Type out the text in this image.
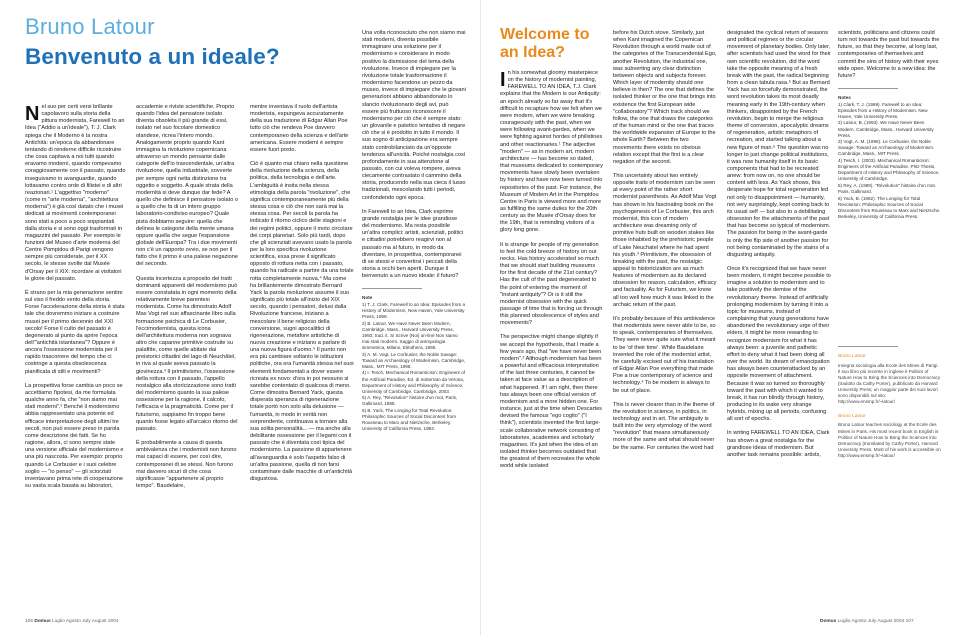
Bruno Latour
Benvenuto a un ideale?

Nel suo per certi versi brillante capolavoro sulla storia della pittura modernista, Farewell to an Idea ("Addio a un'ideale"), T. J. Clark spiega che il Moderno è la nostra Antichità: un'epoca da abbandonare tentando di renderne difficile ricostruire che cosa capitava a noi tutti quando eravamo moderni, quando rompevamo coraggiosamente con il passato, quando inseguivamo in avanguardie, quando lottavamo contro orde di filistei e di altri reazionari.¹ L'aggettivo "moderno" (come in "arte moderna", "architettura moderna") è già così datato che i musei dedicati ai movimenti contemporanei sono stati a poco a poco soppiantati dalla storia e si sono oggi trasformati in magazzini del passato. Per esempio le funzioni del Museo d'arte moderna del Centre Pompidou di Parigi vengono sempre più considerate, per il XX secolo, le stesse svolte dal Musée d'Orsay per il XIX: ricordare ai visitatori le glorie del passato.

È strano per la mia generazione sentire sul viso il freddo vento della storia. Forse l'accelerazione della storia è stata tale che dovremmo iniziare a costruire musei per il primo decennio del XXI secolo! Forse il culto del passato è degenerato al punto da aprire l'epoca dell'"antichità istantanea"? Oppure è ancora l'ossessione modernista per il rapido trascorrere del tempo che ci costringe a questa obsolescenza pianificata di stili e movimenti?

La prospettiva forse cambia un poco se accettiamo l'ipotesi, da me formulata qualche anno fa, che "non siamo mai stati moderni".² Benché il modernismo abbia rappresentato una potente ed efficace interpretazione degli ultimi tre secoli, non può essere preso in parola come descrizione dei fatti. Se ho ragione, allora, ci sono sempre state una versione ufficiale del modernismo e una più nascosta. Per esempio: proprio quando Le Corbusier e i suoi celebre soglio — "io penso" — gli sciorziati inventavano prima rete di cooperazione su vasta scala basata su laboratori,

accademie e riviste scientifiche. Proprio quando l'idea del pensatore isolato diventa obsoleta il più grande di essi, isolato nel suo focolare domestico olandese, ricrea l'intero mondo. Analogamente proprio quando Kant immagina la rivoluzione copernicana attraverso un mondo pensante dalle categorie dell'io trascendentale, un'altra rivoluzione, quella industriale, sovverte per sempre ogni netta distinzione tra oggetto e soggetto. A quale strata della modernità si deve dunque dar fede? A quello che definisce il pensatore isolato o a quello che fa di un intero gruppo laboratorio-condiviso europeo? Quale pista dobbiamo seguire: quella che delinea le categorie della mente umana oppure quella che segue l'espansione globale dell'Europa? Tra i due movimenti non c'è un rapporto ovvio, se non per il fatto che il primo è una palese negazione del secondo.

Questa incertezza a proposito dei tratti dominanti apparenti del modernismo può essere constatata in ogni momento della relativamente breve parentesi modernista. Come ha dimostrato Adolf Max Vogt nel suo affascinante libro sulla formazione psichica di Le Corbusier, l'eccimodernista, questa icona dell'architettura moderna non sognava altro che capanne primitive costruite su palafitte, come quelle abitate dai preistorici cittadini del lago di Neuchâtel, in riva al quale aveva passato la giovinezza.³ Il primitivismo, l'ossessione della rottura con il passato, l'appello nostalgico alla storicizzazione sono tratti del modernismo quanto la sua palese ossessione per la ragione, il calcolo, l'efficacia e la pragmaticità. Come per il futurismo, sappiamo fin troppo bene quanto fosse legato all'arcaico ritorno del passato.

È probabilmente a causa di questa ambivalenza che i modernisti non furono mai capaci di essere, per così dire, contemporanei di se stessi. Non furono mai davvero sicuri di che cosa significasse "appartenere al proprio tempo". Baudelaire,

mentre inventava il ruolo dell'artista moderista, espungeva accuratamente della sua traduzione di Edgar Allan Poe tutto ciò che rendeva Poe davvero contemporaneo della scienza e dell'arte americana. Essere moderni è sempre essere fuori posto.

Ciò è quanto mai chiaro nella questione della rivoluzione della scienza, della politica, della tecnologia e dell'arte. L'ambiguità è insita nella stessa etimologia della parola "rivoluzione", che significa contemporaneamente più della stessa cosa e ciò che non sarà mai la stessa cosa. Per secoli la parola ha indicato il ritorno ciclico delle stagioni e dei regimi politici, oppure il moto circolare dei corpi planetari. Solo più tardi, dopo che gli scienziati avevano usato la parola per la loro specifica rivoluzione scientifica, essa prese il significato opposto di rottura netta con i passato, quando ha radicale a partire da una totale rotta completamente nuova.⁴ Ma come ha brillantemente dimostrato Bernard Yack la parola rivoluzione assume il suo significato più totale all'inizio del XIX secolo, quando i pensatori, delusi dalla Rivoluzione francese, iniziano a mescolare il bene religioso della conversione, sugni apocalittici di rigenerazione, metafore artistiche di nuova creazione e iniziano a parlare di una nuova figura d'uomo.⁵ Il punto non era più cambiare soltanto le istituzioni politiche, ora era l'umanità stessa nel suoi elementi fondamentali a dover essere ricreata ex novo: d'ora in poi nessuno si sarebbe contentato di qualcosa di meno. Come dimostra Bernard Yack, questa disperata speranza di rigenerazione totale portò non solo alla delusione — l'umanità, in modo in verità non sorprendente, continuava a tornare alla sua solita personalità... — ma anche alla debilitante ossessione per il legami con il passato che è diventata così tipica del modernismo. La passione di appartenere all'avanguardia è solo l'aspetto falso di un'altra passione, quella di non farsi contaminare dalle macchie di un'antichità disgustosa.

Una volta riconosciuto che non siamo mai stati moderni, diventa possibile immaginare una soluzione per il modernismo e considerare in modo positivo la dismissione del tema della rivoluzione. Invece di impiegare per la rivoluzione totale trasformazione il modernismo facendone un pezzo da museo, invece di impiegare che le giovani generazioni abbiano abbandonato lo slancio rivoluzionario degli avi, può essere più fruttuoso riconoscere il modernismo per ciò che è sempre stato: un glovanile e patetico tentativo di negare ciò che si è prodotto in tutto il mondo. Il suo sogno di anticipazione era sempre stato controbilanciato da un'opposte tendenza all'unicità. Poiché nostalgia così profondamente in sua attenzione al passato, con cui voleva rompere, aveva ciecamente contrastato il cammino della storia, producendo nella sua cieca il lusso tradizionali, mescolando tutti i periodi, confondendo ogni epoca.

In Farewell to an Idea, Clark esprime grande nostalgia per le idee grandiose del modernismo. Ma resta possibile un'altra complici: artisti, scienziati, politici e cittadini potrebbero reagirvi non al passato ma al futuro, in modo da diventare, in prospettiva, contemporanei di se stessi e convertirsi i peccati della storia a occhi ben aperti. Dunque il benvenuto a un nuovo ideale: il futuro?

Note
1) T. J. Clark, Farewell to an Idea: Episodes from a History of Modernism, New Haven, Yale University Press, 1999.
2) B. Latour, We Have Never Been Modern, Cambridge, Mass., Harvard University Press, 1993; trad. it. Si Scrive (Noi) on-line Non siamo mai stati moderni. Saggio di antropologia simmetrica, Milano, Elèuthera, 1995.
3) A. M. Vogt, Le Corbusier, the Noble Savage: Toward an Archaeology of Modernism, Cambridge, Mass., MIT Press, 1998.
4) I. Tesch, Mechanical Romanticism: Engineers of the Artificial Paradise, Ed. di Sotterrato da Verona, Department of History and Philosophy of Science, University of Cambridge, Cambridge, 2003.
5) A. Rey, "Révolution" histoire d'un mot, Paris, Gallimard, 1989.
6) B. Yack, The Longing for Total Revolution: Philosophic Sources of Social Discontent from Rousseau to Marx and Nietzsche, Berkeley, University of California Press, 1992.
106 Domus Luglio Agosto July August 2004
Welcome to an Idea?

In his somewhat gloomy masterpiece on the history of modernist painting, FAREWELL TO AN IDEA, T.J. Clark explains that the Modern is our Antiquity: an epoch already so far away that it's difficult to recapture how we felt when we were modern, when we were breaking courageously with the past, when we were following avant-gardes, when we were fighting against hordes of philistines and other reactionaries.¹ The adjective "modern" — as in modern art, modern architecture — has become so dated, that museums dedicated to contemporary movements have slowly been overtaken by history and have now been turned into repositories of the past. For instance, the Museum of Modern Art in the Pompidou Centre in Paris is viewed more and more as fulfilling the same duties for the 20th century as the Musée d'Orsay does for the 19th, that is reminding visitors of a glory long gone.

It is strange for people of my generation to feel the cold breeze of history on our necks. Has history accelerated so much that we should start building museums for the first decade of the 21st century? Has the cult of the past degenerated to the point of entering the moment of "instant antiquity"? Or is it still the modernist obsession with the quick passage of time that is forcing us through this planned obsolescence of styles and movements?

The perspective might change slightly if we accept the hypothesis, that I made a few years ago, that "we have never been modern".² Although modernism has been a powerful and efficacious interpretation of the last three centuries, it cannot be taken at face value as a description of what happened. If I am right, then there has always been one official version of modernism and a more hidden one. For instance, just at the time when Descartes devised the famous "ego cogito" ("I think"), scientists invented the first large-scale collaborative network consisting of laboratories, academies and scholarly magazines. It's just when the idea of an isolated thinker becomes outdated that the greatest of them recreates the whole world while isolated

before his Dutch stove. Similarly, just when Kant imagined the Copernican Revolution through a world made out of the categories of the Transcendental Ego, another Revolution, the industrial one, was subverting any clear distinction between objects and subjects forever. Which layer of modernity should one believe in then? The one that defines the isolated thinker or the one that brings into existence the first European wide "collaboratory"? Which track should we follow, the one that draws the categories of the human mind or the one that traces the worldwide expansion of Europe to the whole Earth? Between the two movements there exists no obvious relation except that the first is a clear negation of the second.

This uncertainty about two entirely opposite traits of modernism can be seen at every point of the rather short modernist parenthesis. As Adolf Max Vogt has shown in his fascinating book on the psychogenesis of Le Corbusier, this arch modernist, this icon of modern architecture was dreaming only of primitive huts built on wooden stakes like those inhabited by the prehistoric people of Lake Neuchatel where he had spent his youth.³ Primitivism, the obsession of breaking with the past, the nostalgic appeal to historicization are as much features of modernism as its declared obsession for reason, calculation, efficacy and factuality. As for Futurism, we know all too well how much it was linked to the archaic return of the past.

It's probably because of this ambivalence that modernists were never able to be, so to speak, contemporaries of themselves. They were never quite sure what it meant to be 'of their time'. While Baudelaire invented the role of the modernist artist, he carefully excised out of his translation of Edgar Allan Poe everything that made Poe a true contemporary of science and technology.⁴ To be modern is always to be out of place.

This is never clearer than in the theme of the revolution in science, in politics, in technology and in art. The ambiguity is built into the very etymology of the word "revolution" that means simultaneously more of the same and what should never be the same. For centuries the word had

designated the cyclical return of seasons and political regimes or the circular movement of planetary bodies. Only later, after scientists had used the word for their own scientific revolution, did the word take the opposite meaning of a fresh break with the past, the radical beginning from a clean tabula rasa.⁵ But as Bernard Yack has so forcefully demonstrated, the word revolution takes its most deadly meaning early in the 19th-century when thinkers, disappointed by the French revolution, begin to merge the religious theme of conversion, apocalyptic dreams of regeneration, artistic metaphors of recreation, and started talking about a new figure of man.⁶ The question was no longer to just change political institutions, it was now humanity itself in its basic components that had to be recreated anew: from now on, no one should be content with less. As Yack shows, this desperate hope for total regeneration led not only to disappointment — humanity, not very surprisingly, kept coming back to its usual self — but also to a debilitating obsession for the attachments of the past that has become so typical of modernism. The passion for being in the avant-garde is only the flip side of another passion for not being contaminated by the stains of a disgusting antiquity.

Once it's recognized that we have never been modern, it might become possible to imagine a solution to modernism and to take positively the demise of the revolutionary theme. Instead of artificially prolonging modernism by turning it into a topic for museums, instead of complaining that young generations have abandoned the revolutionary urge of their elders, it might be more rewarding to recognize modernism for what it has always been: a juvenile and pathetic effort to deny what it had been doing all over the world. Its dream of emancipation has always been counterattacked by an opposite movement of attachment. Because it was so turned so thoroughly toward the past with which it wanted to break, it has run blindly through history, producing in its wake very strange hybrids, mixing up all periods, confusing all sort of epochs.

In writing FAREWELL TO AN IDEA, Clark has shown a great nostalgia for the grandiose ideas of modernism. But another task remains possible: artists,

scientists, politicians and citizens could turn not towards the past but towards the future, so that they become, at long last, contemporaries of themselves and commit the sins of history with their eyes wide open. Welcome to a new idea: the future?

Notes
1) Clark, T. J. (1999). Farewell to an Idea: Episodes from a History of Modernism. New Haven, Yale University Press.
2) Latour, B. (1993). We Have Never Been Modern. Cambridge, Mass., Harvard University Press.
3) Vogt, A. M. (1998). Le Corbusier, the Noble Savage: Toward an Archaeology of Modernism. Cambridge, Mass., MIT Press.
4) Tesch, I. (2003). Mechanical Romanticism: Engineers of the Artificial Paradise. PhD Thesis, Department of History and Philosophy of Science, University of Cambridge.
5) Rey, A. (1989). "Révolution" histoire d'un mot. Paris, Gallimard.
6) Yack, B. (1992). The Longing for Total Revolution: Philosophic Sources of Social Discontent from Rousseau to Marx and Nietzsche. Berkeley, University of California Press.
Bruno Latour
Insegna sociologia alla Ecole des Mines di Parigi. Il suo libro più recente in inglese è Politics of Nature How to Bring the Sciences into Democracy (tradotto da Cathy Porter), pubblicato da Harvard University Press; un maggior parte dei suoi lavori sono disponibili sul sito: http://www.ensmp.fr/~latour/
Bruno Latour
Bruno Latour teaches sociology at the Ecole des Mines in Paris. His most recent book in English is Politics of Nature How to Bring the Sciences into Democracy (translated by Cathy Porter), Harvard University Press. Most of his work is accessible on http://www.ensmp.fr/~latour/
Domus Luglio Agosto July August 2004 107
